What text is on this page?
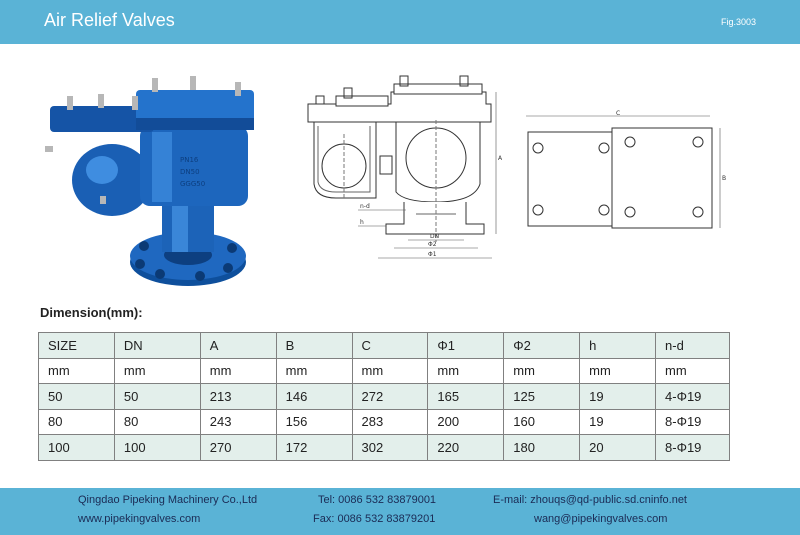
Air Relief Valves	Fig.3003
PN16
DN50
GGG50
A
DN
Φ2
Φ1
n-d
h
C
B
Dimension(mm):
SIZE	DN	A	B	C	Φ1	Φ2	h	n-d
mm	mm	mm	mm	mm	mm	mm	mm	mm
50	50	213	146	272	165	125	19	4-Φ19
80	80	243	156	283	200	160	19	8-Φ19
100	100	270	172	302	220	180	20	8-Φ19
Qingdao Pipeking Machinery Co.,Ltd
www.pipekingvalves.com
Tel: 0086 532 83879001
Fax: 0086 532 83879201
E-mail: zhouqs@qd-public.sd.cninfo.net
wang@pipekingvalves.com
